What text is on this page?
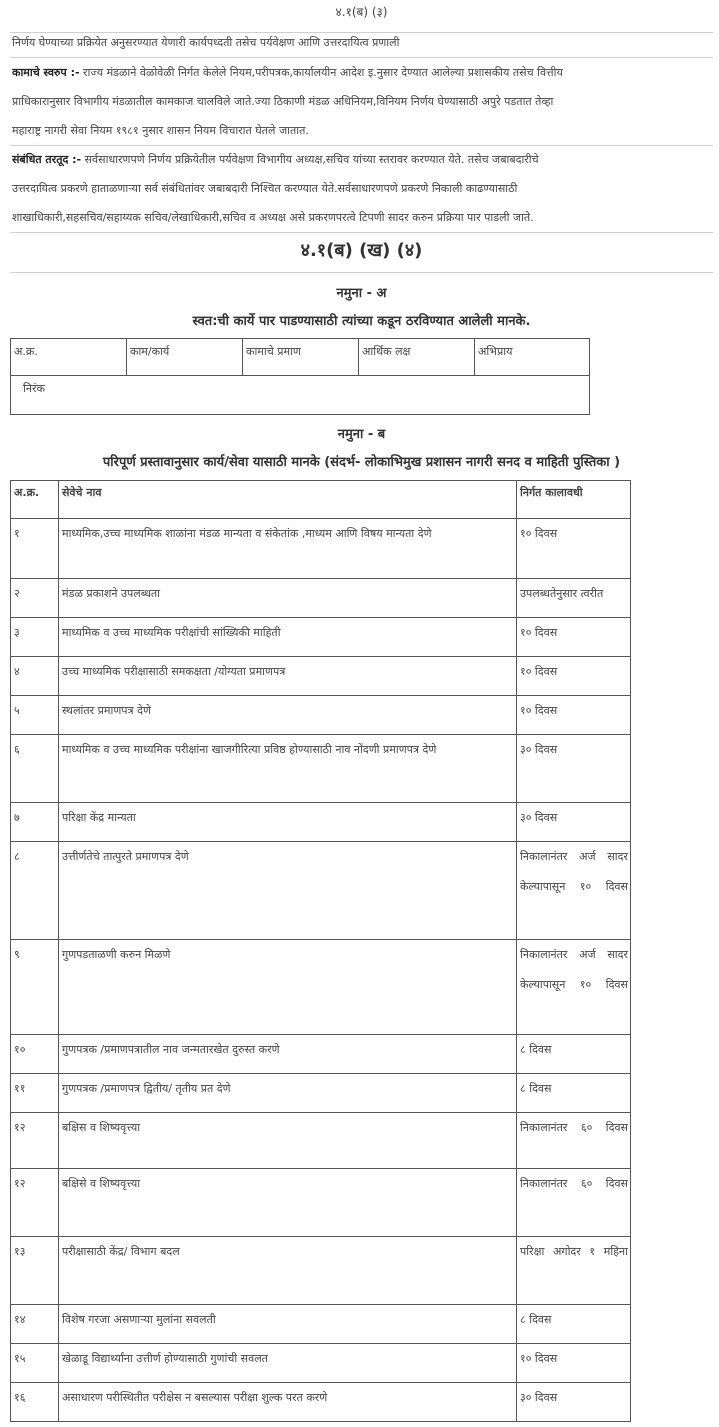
४.१(ब) (३)
निर्णय घेण्याच्या प्रक्रियेत अनुसरण्यात येणारी कार्यपध्दती तसेच पर्यवेक्षण आणि उत्तरदायित्व प्रणाली
कामाचे स्वरुप :- राज्य मंडळाने वेळोवेळी निर्गत केलेले नियम,परीपत्रक,कार्यालयीन आदेश इ.नुसार देण्यात आलेल्या प्रशासकीय तसेच वित्तीय
प्राधिकारानुसार विभागीय मंडळातील कामकाज चालविले जाते.ज्या ठिकाणी मंडळ अधिनियम,विनियम निर्णय घेण्यासाठी अपुरे पडतात तेव्हा
महाराष्ट्र नागरी सेवा नियम १९८१ नुसार शासन नियम विचारात घेतले जातात.
संबंधित तरतूद :- सर्वसाधारणपणे निर्णय प्रक्रियेतील पर्यवेक्षण विभागीय अध्यक्ष,सचिव यांच्या स्तरावर करण्यात येते. तसेच जबाबदारीचे
उत्तरदायित्व प्रकरणे हाताळणाऱ्या सर्व संबंधितांवर जबाबदारी निश्चित करण्यात येते.सर्वसाधारणपणे प्रकरणे निकाली काढण्यासाठी
शाखाधिकारी,सहसचिव/सहाय्यक सचिव/लेखाधिकारी,सचिव व अध्यक्ष असे प्रकरणपरत्वे टिपणी सादर करुन प्रक्रिया पार पाडली जाते.
४.१(ब) (ख) (४)
नमुना - अ
स्वत:ची कार्ये पार पाडण्यासाठी त्यांच्या कडून ठरविण्यात आलेली मानके.
अ.क्र.	काम/कार्य	कामाचे प्रमाण	आर्थिक लक्ष	अभिप्राय
निरंक
नमुना - ब
परिपूर्ण प्रस्तावानुसार कार्य/सेवा यासाठी मानके (संदर्भ- लोकाभिमुख प्रशासन नागरी सनद व माहिती पुस्तिका )
अ.क्र.	सेवेचे नाव	निर्गत कालावधी
१	माध्यमिक,उच्च माध्यमिक शाळांना मंडळ मान्यता व संकेतांक ,माध्यम आणि विषय मान्यता देणे	१० दिवस
२	मंडळ प्रकाशने उपलब्धता	उपलब्धतेनुसार त्वरीत
३	माध्यमिक व उच्च माध्यमिक परीक्षांची सांख्यिकी माहिती	१० दिवस
४	उच्च माध्यमिक परीक्षासाठी समकक्षता /योग्यता प्रमाणपत्र	१० दिवस
५	स्थलांतर प्रमाणपत्र देणे	१० दिवस
६	माध्यमिक व उच्च माध्यमिक परीक्षांना खाजगीरित्या प्रविष्ठ होण्यासाठी नाव नोंदणी प्रमाणपत्र देणे	३० दिवस
७	परिक्षा केंद्र मान्यता	३० दिवस
८	उत्तीर्णतेचे तात्पुरते प्रमाणपत्र देणे	निकालानंतर अर्ज सादर केल्यापासून १० दिवस
९	गुणपडताळणी करुन मिळणे	निकालानंतर अर्ज सादर केल्यापासून १० दिवस
१०	गुणपत्रक /प्रमाणपत्रातील नाव जन्मतारखेत दुरुस्त करणे	८ दिवस
११	गुणपत्रक /प्रमाणपत्र द्वितीय/ तृतीय प्रत देणे	८ दिवस
१२	बक्षिस व शिष्यवृत्त्या	निकालानंतर ६० दिवस
१२	बक्षिसे व शिष्यवृत्त्या	निकालानंतर ६० दिवस
१३	परीक्षासाठी केंद्र/ विभाग बदल	परिक्षा अगोदर १ महिना
१४	विशेष गरजा असणाऱ्या मुलांना सवलती	८ दिवस
१५	खेळाडू विद्यार्थ्यांना उत्तीर्ण होण्यासाठी गुणांची सवलत	१० दिवस
१६	असाधारण परीस्थितीत परीक्षेस न बसल्यास परीक्षा शुल्क परत करणे	३० दिवस
